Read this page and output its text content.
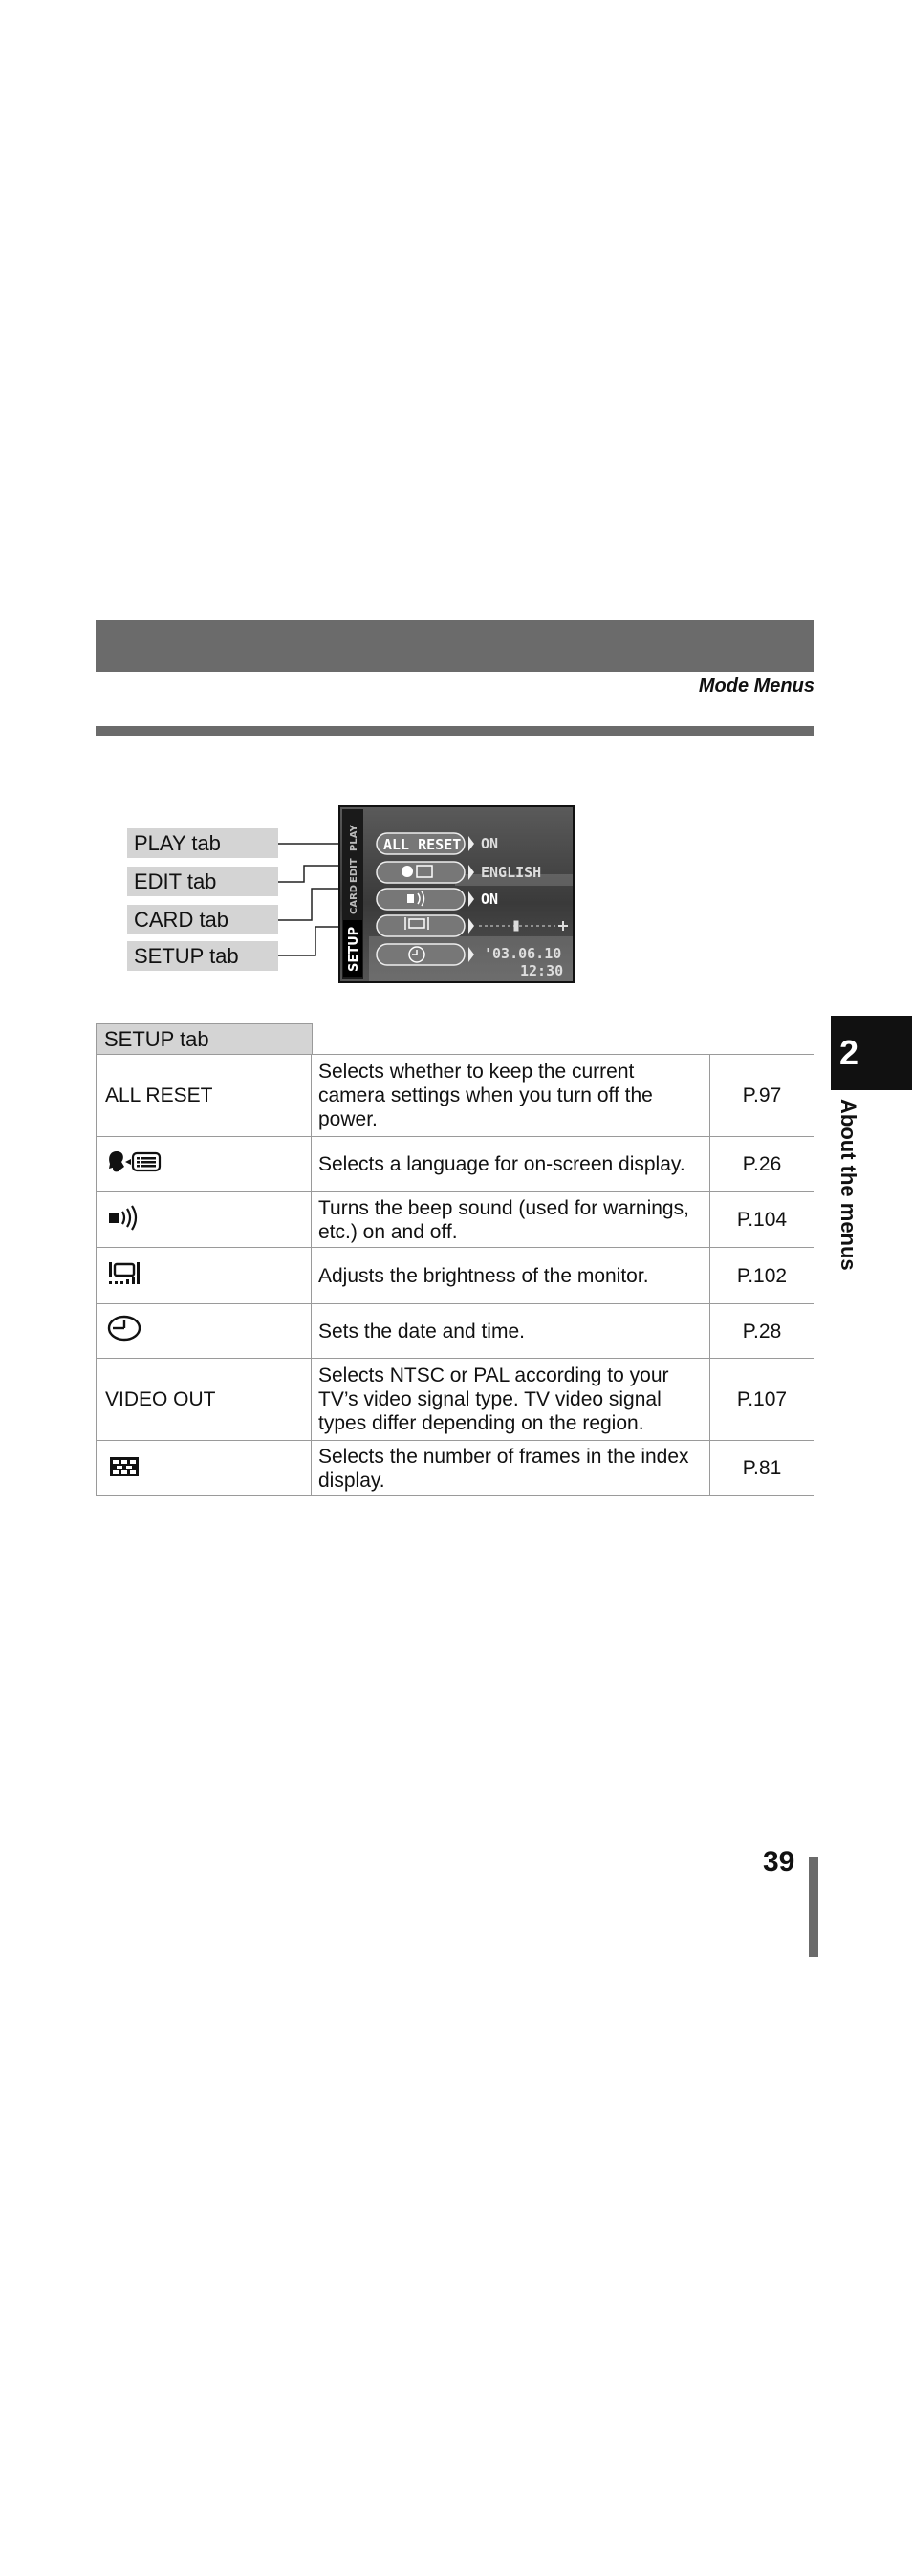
Mode Menus
PLAY tab
EDIT tab
CARD tab
SETUP tab
PLAY
EDIT
CARD
SETUP
ALL RESET ON
ENGLISH
ON
'03.06.10
12:30
2
About the menus
SETUP tab
ALL RESET	Selects whether to keep the current camera settings when you turn off the power.	P.97
	Selects a language for on-screen display.	P.26
	Turns the beep sound (used for warnings, etc.) on and off.	P.104
	Adjusts the brightness of the monitor.	P.102
	Sets the date and time.	P.28
VIDEO OUT	Selects NTSC or PAL according to your TV’s video signal type. TV video signal types differ depending on the region.	P.107
	Selects the number of frames in the index display.	P.81
39
